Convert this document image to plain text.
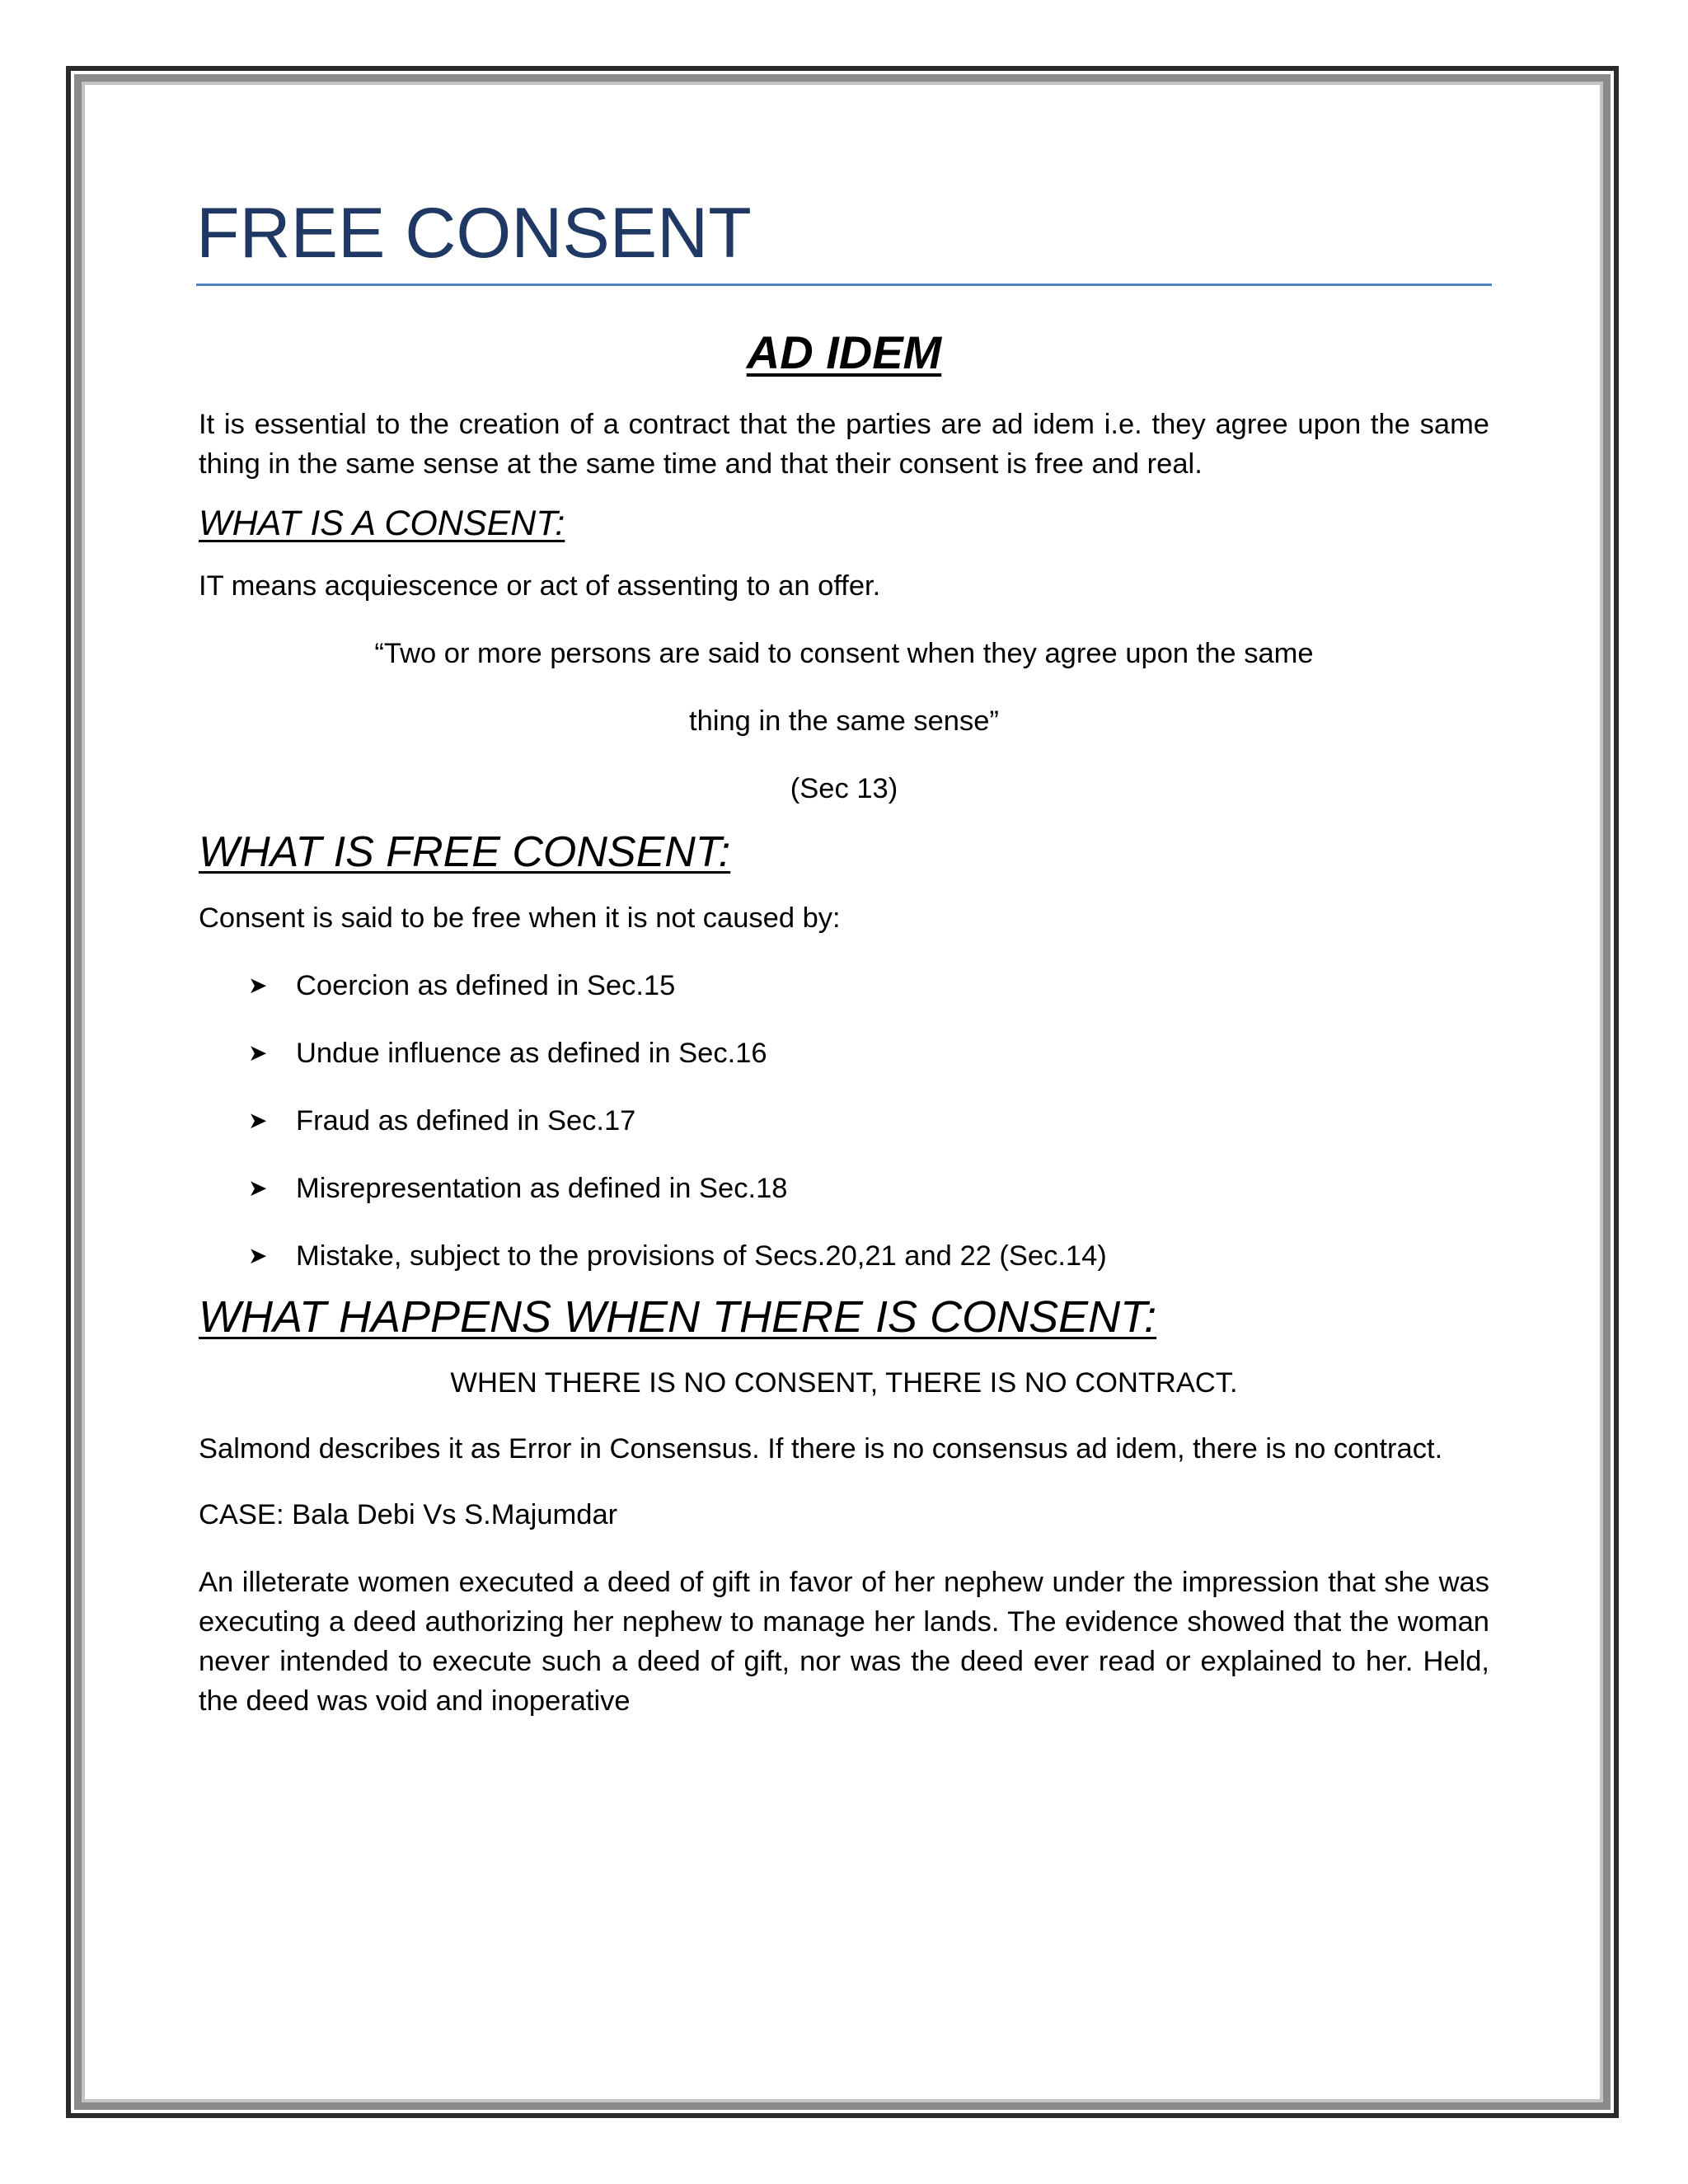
FREE CONSENT
AD IDEM

It is essential to the creation of a contract that the parties are ad idem i.e. they agree upon the same thing in the same sense at the same time and that their consent is free and real.

WHAT IS A CONSENT:

IT means acquiescence or act of assenting to an offer.

“Two or more persons are said to consent when they agree upon the same
thing in the same sense”
(Sec 13)
WHAT IS FREE CONSENT:

Consent is said to be free when it is not caused by:

➤ Coercion as defined in Sec.15
➤ Undue influence as defined in Sec.16
➤ Fraud as defined in Sec.17
➤ Misrepresentation as defined in Sec.18
➤ Mistake, subject to the provisions of Secs.20,21 and 22 (Sec.14)
WHAT HAPPENS WHEN THERE IS CONSENT:
WHEN THERE IS NO CONSENT, THERE IS NO CONTRACT.

Salmond describes it as Error in Consensus. If there is no consensus ad idem, there is no contract.

CASE: Bala Debi Vs S.Majumdar

An illeterate women executed a deed of gift in favor of her nephew under the impression that she was executing a deed authorizing her nephew to manage her lands. The evidence showed that the woman never intended to execute such a deed of gift, nor was the deed ever read or explained to her. Held, the deed was void and inoperative
